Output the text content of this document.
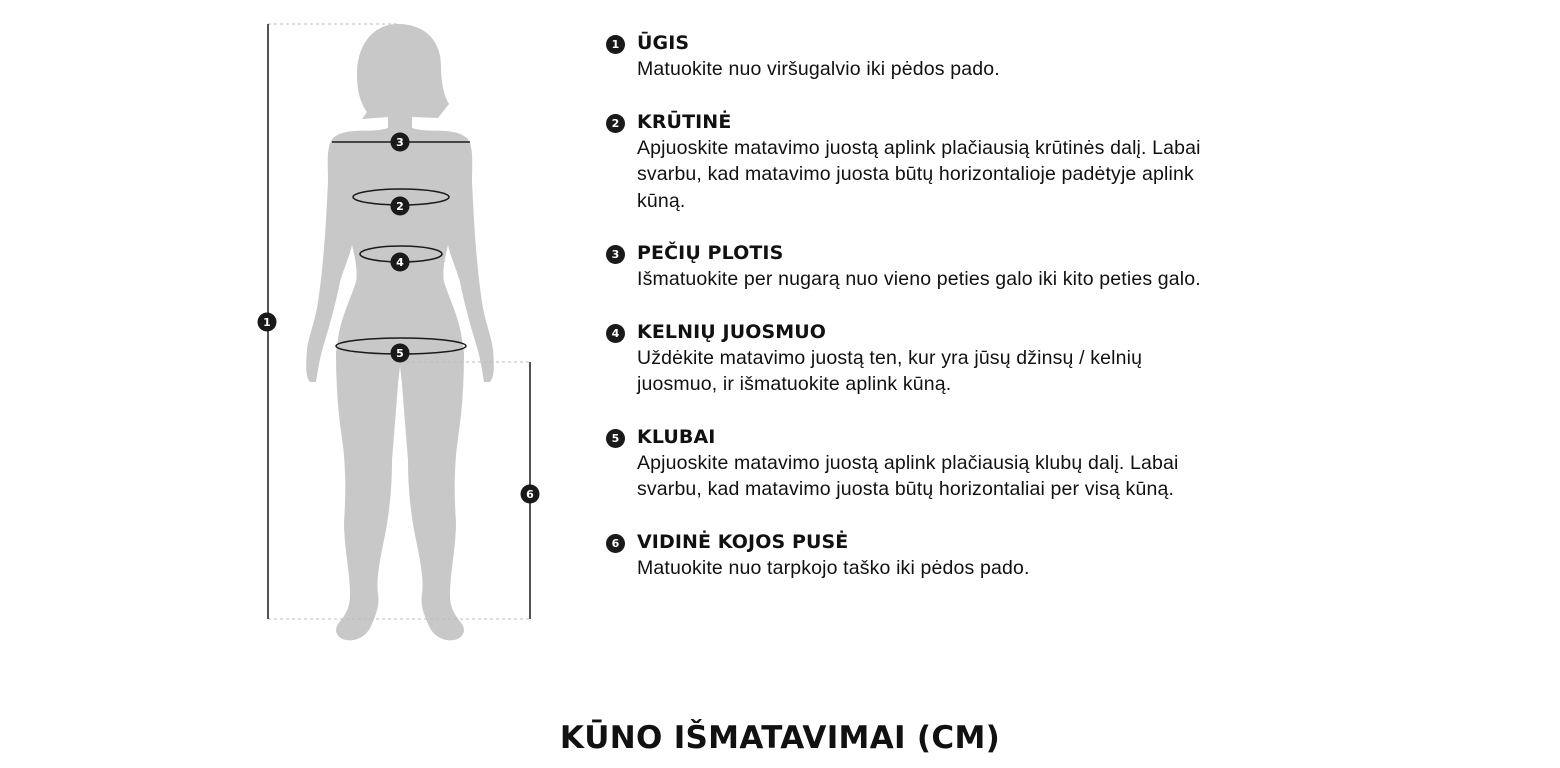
1
2
3
4
5
6
1 ŪGIS

Matuokite nuo viršugalvio iki pėdos pado.

2 KRŪTINĖ

Apjuoskite matavimo juostą aplink plačiausią krūtinės dalį. Labai svarbu, kad matavimo juosta būtų horizontalioje padėtyje aplink kūną.

3 PEČIŲ PLOTIS

Išmatuokite per nugarą nuo vieno peties galo iki kito peties galo.

4 KELNIŲ JUOSMUO

Uždėkite matavimo juostą ten, kur yra jūsų džinsų / kelnių juosmuo, ir išmatuokite aplink kūną.

5 KLUBAI

Apjuoskite matavimo juostą aplink plačiausią klubų dalį. Labai svarbu, kad matavimo juosta būtų horizontaliai per visą kūną.

6 VIDINĖ KOJOS PUSĖ

Matuokite nuo tarpkojo taško iki pėdos pado.

KŪNO IŠMATAVIMAI (CM)
